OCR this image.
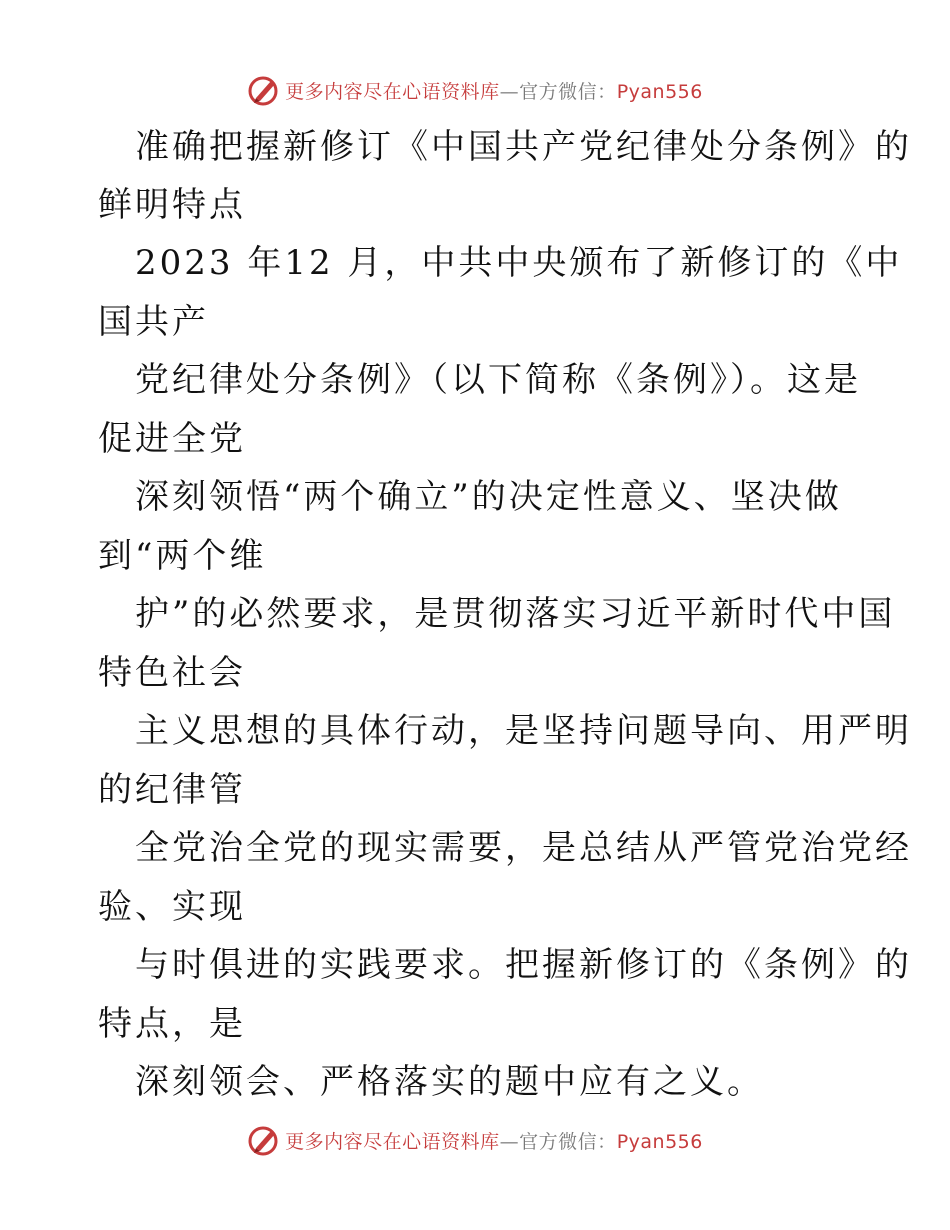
更多内容尽在心语资料库—官方微信：Pyan556
准确把握新修订《中国共产党纪律处分条例》的
鲜明特点
2023 年12 月，中共中央颁布了新修订的《中
国共产
党纪律处分条例》（以下简称《条例》）。这是
促进全党
深刻领悟“两个确立”的决定性意义、坚决做
到“两个维
护”的必然要求，是贯彻落实习近平新时代中国
特色社会
主义思想的具体行动，是坚持问题导向、用严明
的纪律管
全党治全党的现实需要，是总结从严管党治党经
验、实现
与时俱进的实践要求。把握新修订的《条例》的
特点，是
深刻领会、严格落实的题中应有之义。
更多内容尽在心语资料库—官方微信：Pyan556
